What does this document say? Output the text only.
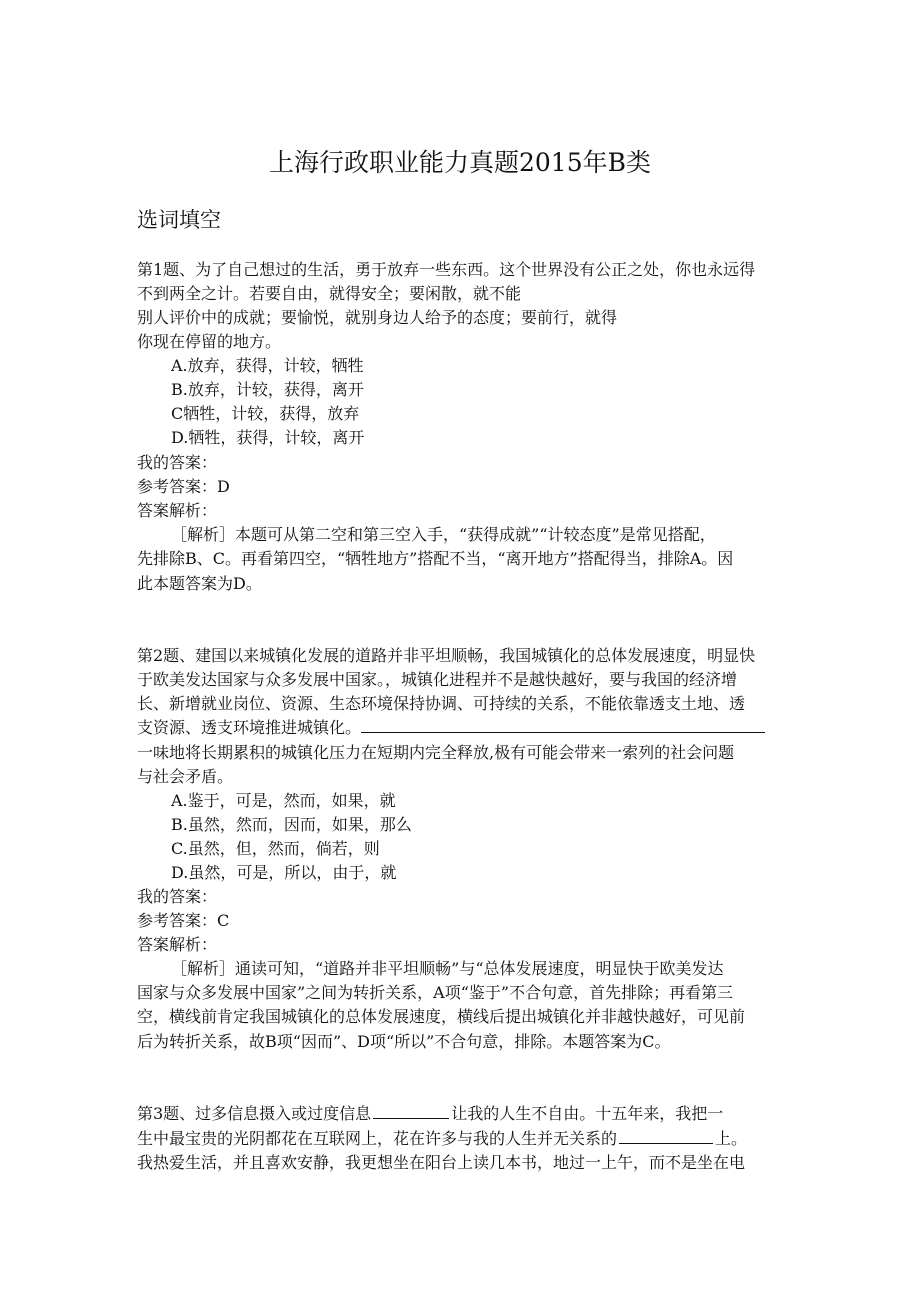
上海行政职业能力真题2015年B类
选词填空
第1题、为了自己想过的生活，勇于放弃一些东西。这个世界没有公正之处，你也永远得
不到两全之计。若要自由，就得安全；要闲散，就不能
别人评价中的成就；要愉悦，就别身边人给予的态度；要前行，就得
你现在停留的地方。
A.放弃，获得，计较，牺牲
B.放弃，计较，获得，离开
C牺牲，计较，获得，放弃
D.牺牲，获得，计较，离开
我的答案：
参考答案：D
答案解析：
［解析］本题可从第二空和第三空入手，“获得成就”“计较态度”是常见搭配，
先排除B、C。再看第四空，“牺牲地方”搭配不当，“离开地方”搭配得当，排除A。因
此本题答案为D。
第2题、建国以来城镇化发展的道路并非平坦顺畅，我国城镇化的总体发展速度，明显快
于欧美发达国家与众多发展中国家。，城镇化进程并不是越快越好，要与我国的经济增
长、新增就业岗位、资源、生态环境保持协调、可持续的关系，不能依靠透支土地、透
支资源、透支环境推进城镇化。
一味地将长期累积的城镇化压力在短期内完全释放,极有可能会带来一索列的社会问题
与社会矛盾。
A.鉴于，可是，然而，如果，就
B.虽然，然而，因而，如果，那么
C.虽然，但，然而，倘若，则
D.虽然，可是，所以，由于，就
我的答案：
参考答案：C
答案解析：
［解析］通读可知，“道路并非平坦顺畅”与“总体发展速度，明显快于欧美发达
国家与众多发展中国家”之间为转折关系，A项“鉴于”不合句意，首先排除；再看第三
空，横线前肯定我国城镇化的总体发展速度，横线后提出城镇化并非越快越好，可见前
后为转折关系，故B项“因而”、D项“所以”不合句意，排除。本题答案为C。
第3题、过多信息摄入或过度信息	让我的人生不自由。十五年来，我把一
生中最宝贵的光阴都花在互联网上，花在许多与我的人生并无关系的	上。
我热爱生活，并且喜欢安静，我更想坐在阳台上读几本书，地过一上午，而不是坐在电
